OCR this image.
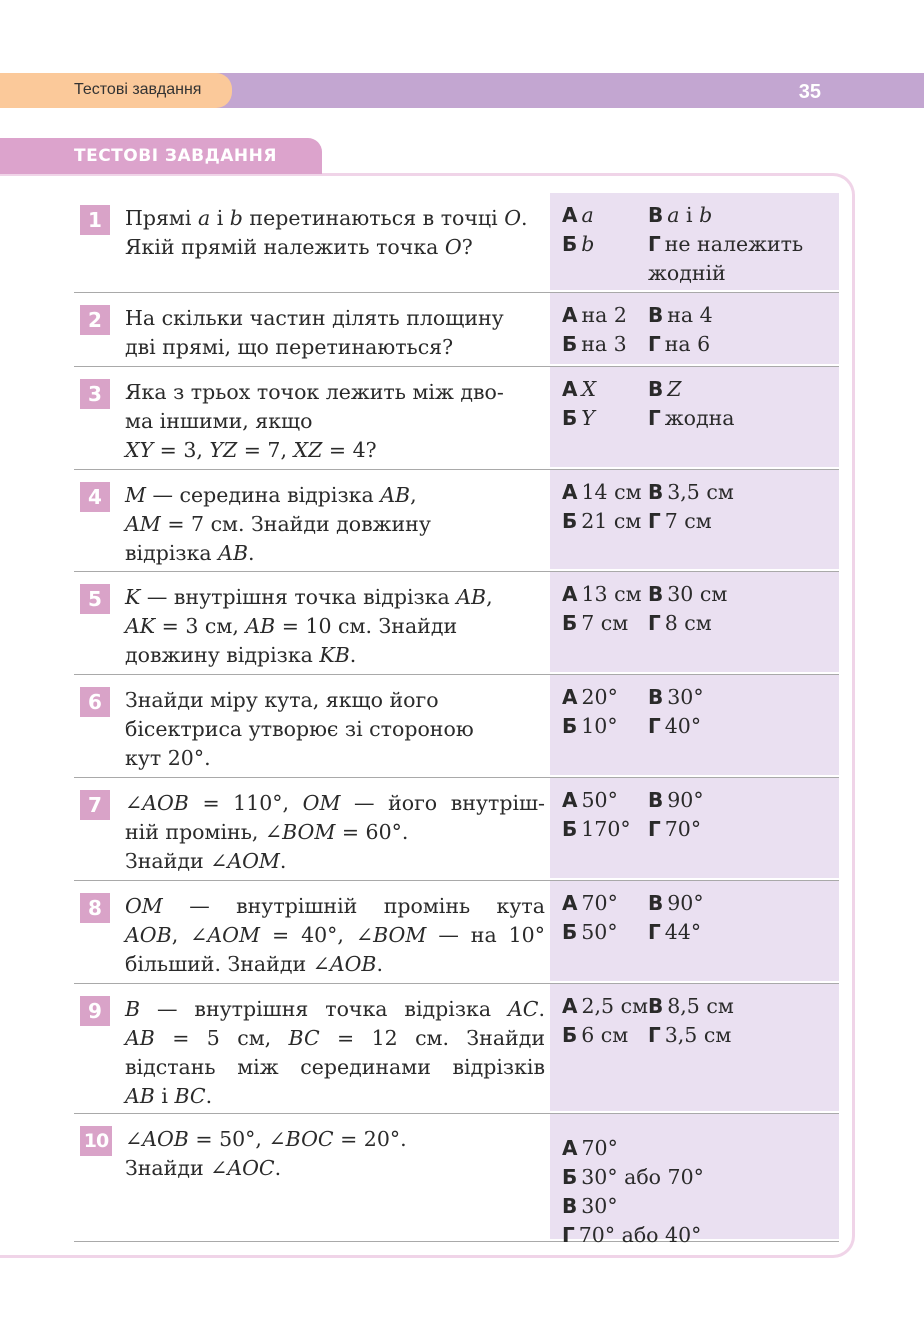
Тестові завдання	35
ТЕСТОВІ ЗАВДАННЯ
1	Прямі a і b перетинаються в точці O.
Якій прямій належить точка O?
А a
Б b
В a і b
Г не належить
жодній
2	На скільки частин ділять площину
дві прямі, що перетинаються?
А на 2
Б на 3
В на 4
Г на 6
3	Яка з трьох точок лежить між дво-
ма іншими, якщо
XY = 3, YZ = 7, XZ = 4?
А X
Б Y
В Z
Г жодна
4	M — середина відрізка AB,
AM = 7 см. Знайди довжину
відрізка AB.
А 14 см
Б 21 см
В 3,5 см
Г 7 см
5	K — внутрішня точка відрізка AB,
AK = 3 см, AB = 10 см. Знайди
довжину відрізка KB.
А 13 см
Б 7 см
В 30 см
Г 8 см
6	Знайди міру кута, якщо його
бісектриса утворює зі стороною
кут 20°.
А 20°
Б 10°
В 30°
Г 40°
7	∠AOB = 110°, OM — його внутріш-
ній промінь, ∠BOM = 60°.
Знайди ∠AOM.
А 50°
Б 170°
В 90°
Г 70°
8	OM — внутрішній промінь кута
AOB, ∠AOM = 40°, ∠BOM — на 10°
більший. Знайди ∠AOB.
А 70°
Б 50°
В 90°
Г 44°
9	B — внутрішня точка відрізка AC.
AB = 5 см, BC = 12 см. Знайди
відстань між серединами відрізків
AB і BC.
А 2,5 см
Б 6 см
В 8,5 см
Г 3,5 см
10 ∠AOB = 50°, ∠BOC = 20°.
Знайди ∠AOC.
А 70°
Б 30° або 70°
В 30°
Г 70° або 40°
